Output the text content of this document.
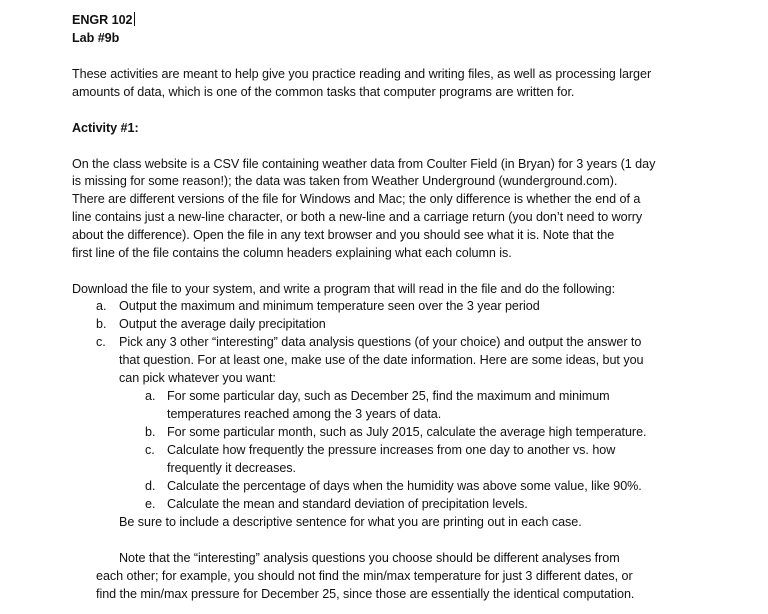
ENGR 102
Lab #9b
These activities are meant to help give you practice reading and writing files, as well as processing larger
amounts of data, which is one of the common tasks that computer programs are written for.
Activity #1:
On the class website is a CSV file containing weather data from Coulter Field (in Bryan) for 3 years (1 day
is missing for some reason!); the data was taken from Weather Underground (wunderground.com).
There are different versions of the file for Windows and Mac; the only difference is whether the end of a
line contains just a new-line character, or both a new-line and a carriage return (you don’t need to worry
about the difference). Open the file in any text browser and you should see what it is. Note that the
first line of the file contains the column headers explaining what each column is.
Download the file to your system, and write a program that will read in the file and do the following:
a. Output the maximum and minimum temperature seen over the 3 year period
b. Output the average daily precipitation
c. Pick any 3 other “interesting” data analysis questions (of your choice) and output the answer to
that question. For at least one, make use of the date information. Here are some ideas, but you
can pick whatever you want:
a. For some particular day, such as December 25, find the maximum and minimum
temperatures reached among the 3 years of data.
b. For some particular month, such as July 2015, calculate the average high temperature.
c. Calculate how frequently the pressure increases from one day to another vs. how
frequently it decreases.
d. Calculate the percentage of days when the humidity was above some value, like 90%.
e. Calculate the mean and standard deviation of precipitation levels.
Be sure to include a descriptive sentence for what you are printing out in each case.
Note that the “interesting” analysis questions you choose should be different analyses from
each other; for example, you should not find the min/max temperature for just 3 different dates, or
find the min/max pressure for December 25, since those are essentially the identical computation.
